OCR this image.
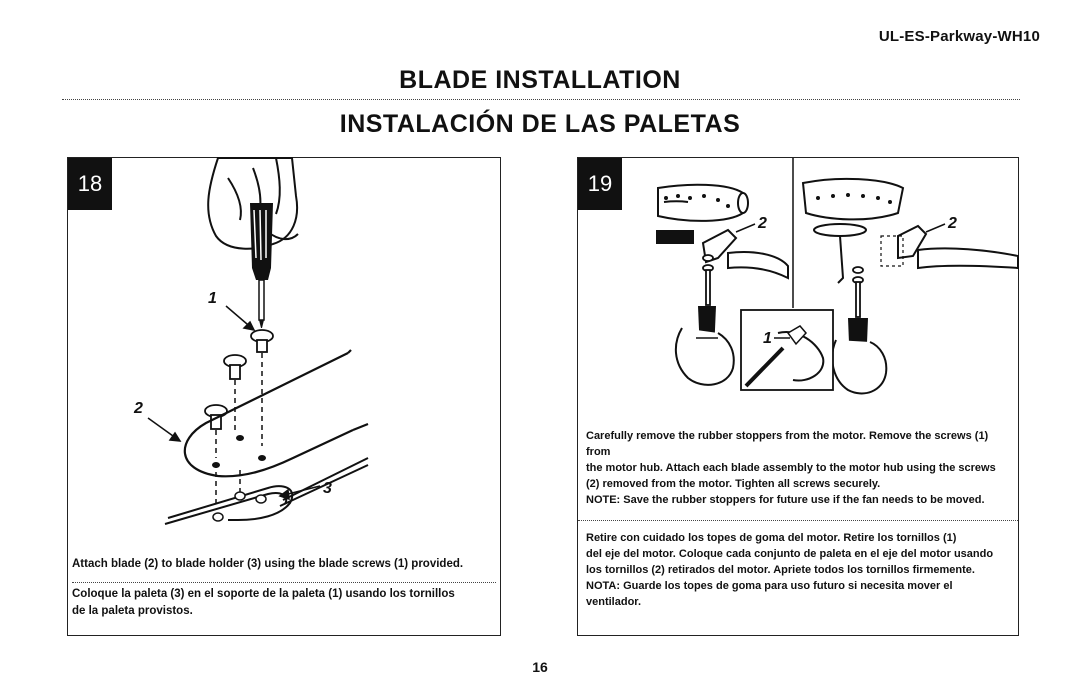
UL-ES-Parkway-WH10
BLADE INSTALLATION
INSTALACIÓN DE LAS PALETAS
18
1
2
3
Attach blade (2) to blade holder (3) using the blade screws (1) provided.
Coloque la paleta (3) en el soporte de la paleta (1) usando los tornillos
de la paleta provistos.
19
2	2
1
Carefully remove the rubber stoppers from the motor. Remove the screws (1) from
the motor hub. Attach each blade assembly to the motor hub using the screws
(2) removed from the motor. Tighten all screws securely.
NOTE: Save the rubber stoppers for future use if the fan needs to be moved.
Retire con cuidado los topes de goma del motor. Retire los tornillos (1)
del eje del motor. Coloque cada conjunto de paleta en el eje del motor usando
los tornillos (2) retirados del motor. Apriete todos los tornillos firmemente.
NOTA: Guarde los topes de goma para uso futuro si necesita mover el
ventilador.
16
